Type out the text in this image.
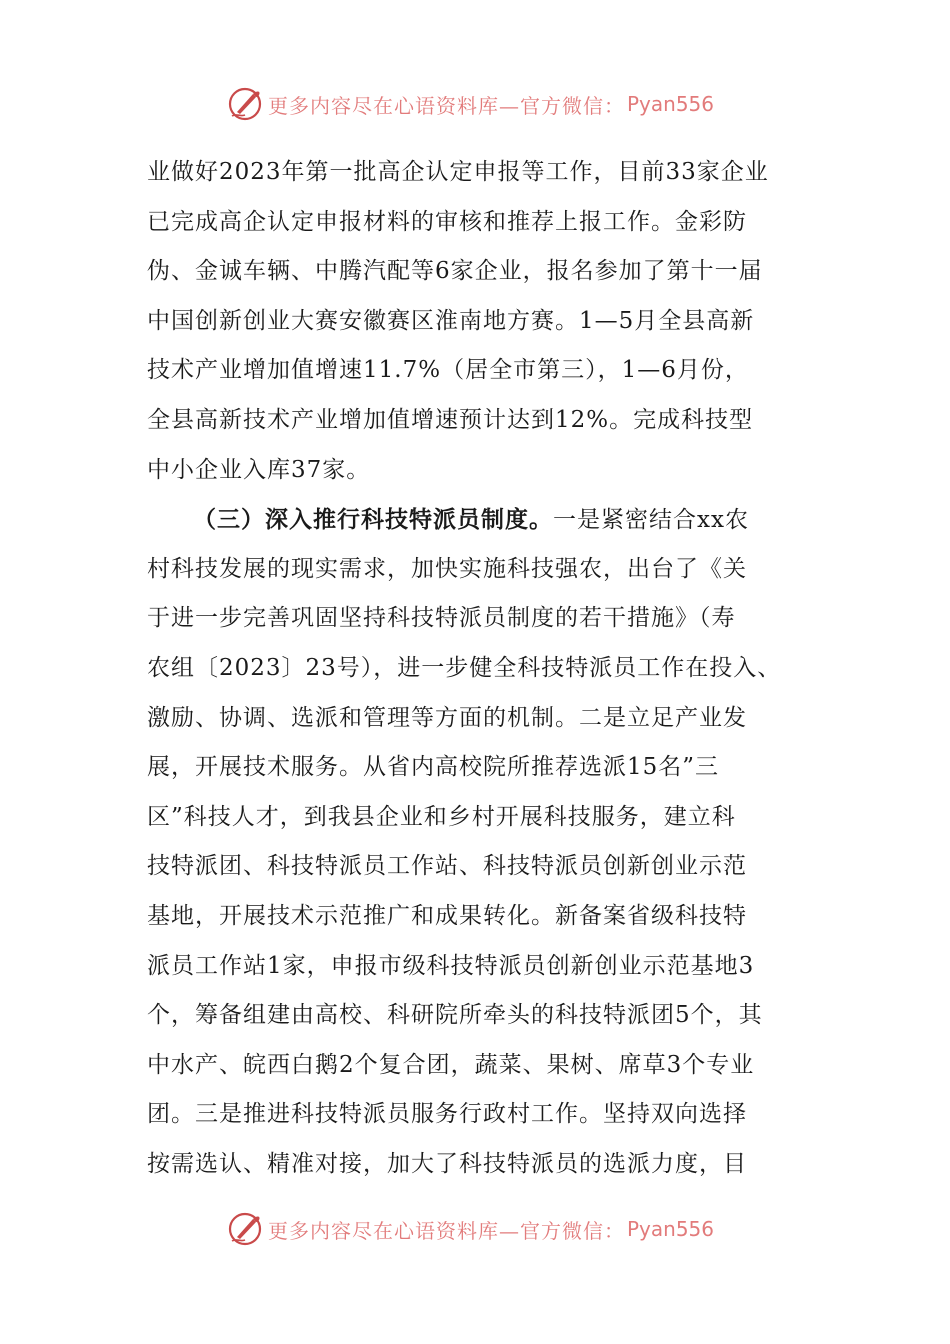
更多内容尽在心语资料库—官方微信： Pyan556
业做好2023年第一批高企认定申报等工作，目前33家企业
已完成高企认定申报材料的审核和推荐上报工作。金彩防
伪、金诚车辆、中腾汽配等6家企业，报名参加了第十一届
中国创新创业大赛安徽赛区淮南地方赛。1—5月全县高新
技术产业增加值增速11.7%（居全市第三），1—6月份，
全县高新技术产业增加值增速预计达到12%。完成科技型
中小企业入库37家。
（三）深入推行科技特派员制度。一是紧密结合xx农
村科技发展的现实需求，加快实施科技强农，出台了《关
于进一步完善巩固坚持科技特派员制度的若干措施》（寿
农组〔2023〕23号），进一步健全科技特派员工作在投入、
激励、协调、选派和管理等方面的机制。二是立足产业发
展，开展技术服务。从省内高校院所推荐选派15名”三
区”科技人才，到我县企业和乡村开展科技服务，建立科
技特派团、科技特派员工作站、科技特派员创新创业示范
基地，开展技术示范推广和成果转化。新备案省级科技特
派员工作站1家，申报市级科技特派员创新创业示范基地3
个，筹备组建由高校、科研院所牵头的科技特派团5个，其
中水产、皖西白鹅2个复合团，蔬菜、果树、席草3个专业
团。三是推进科技特派员服务行政村工作。坚持双向选择
按需选认、精准对接，加大了科技特派员的选派力度，目
更多内容尽在心语资料库—官方微信： Pyan556
